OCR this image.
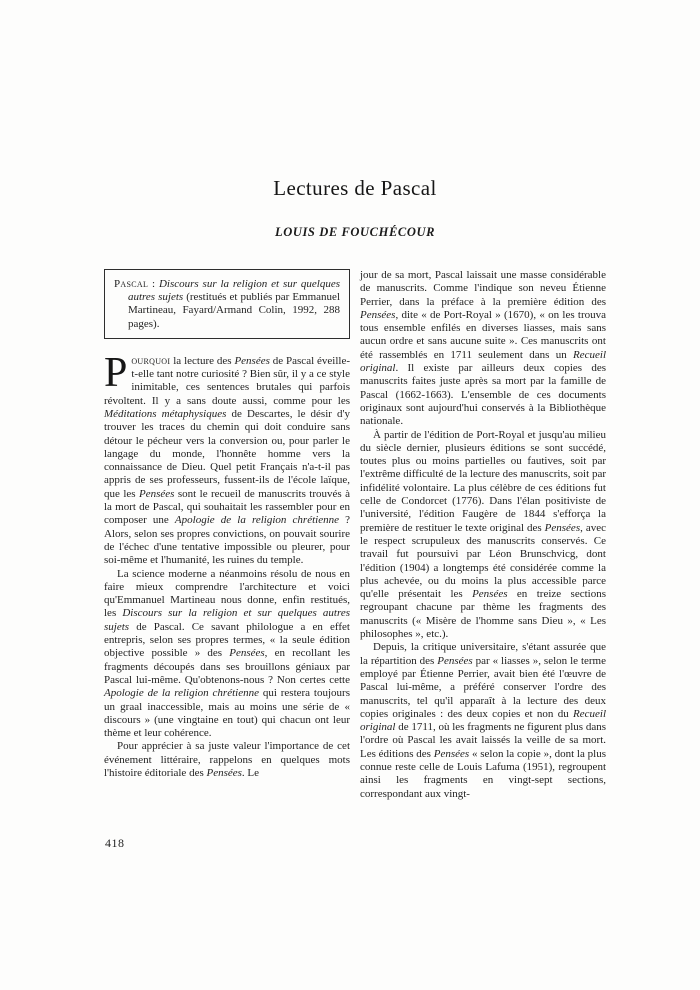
Lectures de Pascal
LOUIS DE FOUCHÉCOUR

Pascal : Discours sur la religion et sur quelques autres sujets (restitués et publiés par Emmanuel Martineau, Fayard/Armand Colin, 1992, 288 pages).

Pourquoi la lecture des Pensées de Pascal éveille-t-elle tant notre curiosité ? Bien sûr, il y a ce style inimitable, ces sentences brutales qui parfois révoltent. Il y a sans doute aussi, comme pour les Méditations métaphysiques de Descartes, le désir d'y trouver les traces du chemin qui doit conduire sans détour le pécheur vers la conversion ou, pour parler le langage du monde, l'honnête homme vers la connaissance de Dieu. Quel petit Français n'a-t-il pas appris de ses professeurs, fussent-ils de l'école laïque, que les Pensées sont le recueil de manuscrits trouvés à la mort de Pascal, qui souhaitait les rassembler pour en composer une Apologie de la religion chrétienne ? Alors, selon ses propres convictions, on pouvait sourire de l'échec d'une tentative impossible ou pleurer, pour soi-même et l'humanité, les ruines du temple.

La science moderne a néanmoins résolu de nous en faire mieux comprendre l'architecture et voici qu'Emmanuel Martineau nous donne, enfin restitués, les Discours sur la religion et sur quelques autres sujets de Pascal. Ce savant philologue a en effet entrepris, selon ses propres termes, « la seule édition objective possible » des Pensées, en recollant les fragments découpés dans ses brouillons géniaux par Pascal lui-même. Qu'obtenons-nous ? Non certes cette Apologie de la religion chrétienne qui restera toujours un graal inaccessible, mais au moins une série de « discours » (une vingtaine en tout) qui chacun ont leur thème et leur cohérence.

Pour apprécier à sa juste valeur l'importance de cet événement littéraire, rappelons en quelques mots l'histoire éditoriale des Pensées. Le

jour de sa mort, Pascal laissait une masse considérable de manuscrits. Comme l'indique son neveu Étienne Perrier, dans la préface à la première édition des Pensées, dite « de Port-Royal » (1670), « on les trouva tous ensemble enfilés en diverses liasses, mais sans aucun ordre et sans aucune suite ». Ces manuscrits ont été rassemblés en 1711 seulement dans un Recueil original. Il existe par ailleurs deux copies des manuscrits faites juste après sa mort par la famille de Pascal (1662-1663). L'ensemble de ces documents originaux sont aujourd'hui conservés à la Bibliothèque nationale.

À partir de l'édition de Port-Royal et jusqu'au milieu du siècle dernier, plusieurs éditions se sont succédé, toutes plus ou moins partielles ou fautives, soit par l'extrême difficulté de la lecture des manuscrits, soit par infidélité volontaire. La plus célèbre de ces éditions fut celle de Condorcet (1776). Dans l'élan positiviste de l'université, l'édition Faugère de 1844 s'efforça la première de restituer le texte original des Pensées, avec le respect scrupuleux des manuscrits conservés. Ce travail fut poursuivi par Léon Brunschvicg, dont l'édition (1904) a longtemps été considérée comme la plus achevée, ou du moins la plus accessible parce qu'elle présentait les Pensées en treize sections regroupant chacune par thème les fragments des manuscrits (« Misère de l'homme sans Dieu », « Les philosophes », etc.).

Depuis, la critique universitaire, s'étant assurée que la répartition des Pensées par « liasses », selon le terme employé par Étienne Perrier, avait bien été l'œuvre de Pascal lui-même, a préféré conserver l'ordre des manuscrits, tel qu'il apparaît à la lecture des deux copies originales : des deux copies et non du Recueil original de 1711, où les fragments ne figurent plus dans l'ordre où Pascal les avait laissés la veille de sa mort. Les éditions des Pensées « selon la copie », dont la plus connue reste celle de Louis Lafuma (1951), regroupent ainsi les fragments en vingt-sept sections, correspondant aux vingt-

418
